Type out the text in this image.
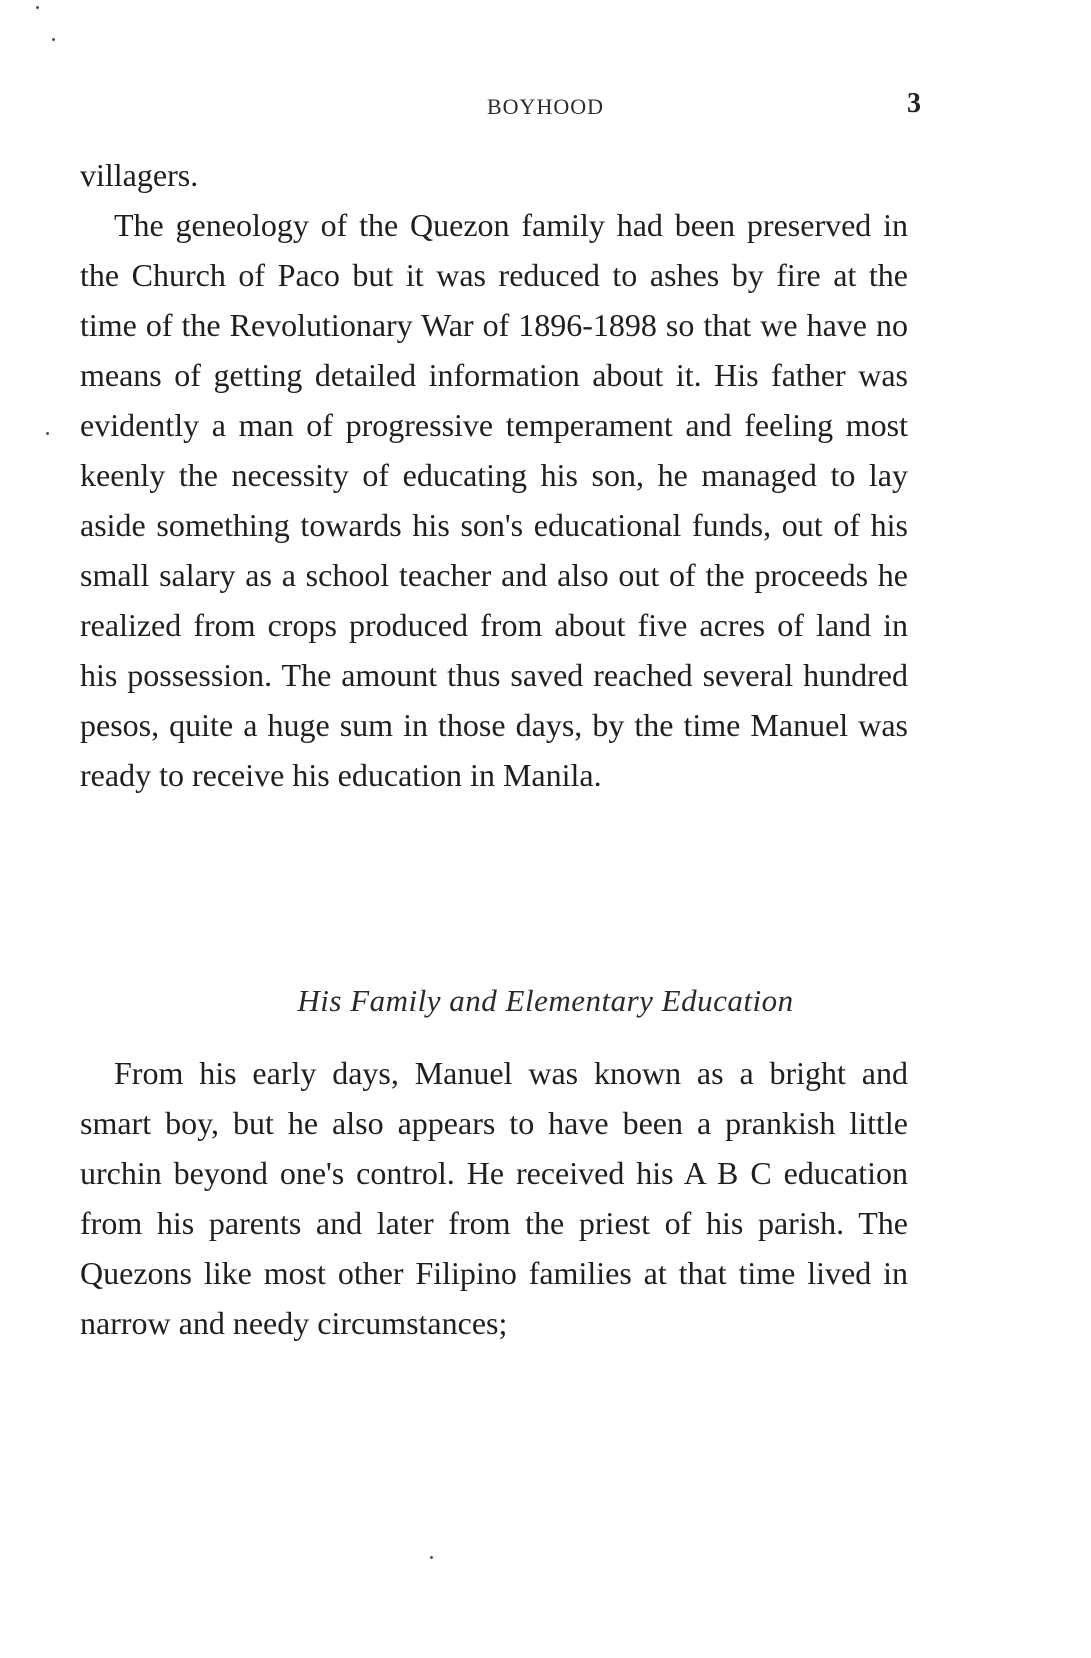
BOYHOOD	3

villagers.

The geneology of the Quezon family had been preserved in the Church of Paco but it was reduced to ashes by fire at the time of the Revolutionary War of 1896-1898 so that we have no means of getting detailed information about it. His father was evidently a man of progressive temperament and feeling most keenly the necessity of educating his son, he managed to lay aside something towards his son's educational funds, out of his small salary as a school teacher and also out of the proceeds he realized from crops produced from about five acres of land in his possession. The amount thus saved reached several hundred pesos, quite a huge sum in those days, by the time Manuel was ready to receive his education in Manila.

His Family and Elementary Education

From his early days, Manuel was known as a bright and smart boy, but he also appears to have been a prankish little urchin beyond one's control. He received his A B C education from his parents and later from the priest of his parish. The Quezons like most other Filipino families at that time lived in narrow and needy circumstances;
